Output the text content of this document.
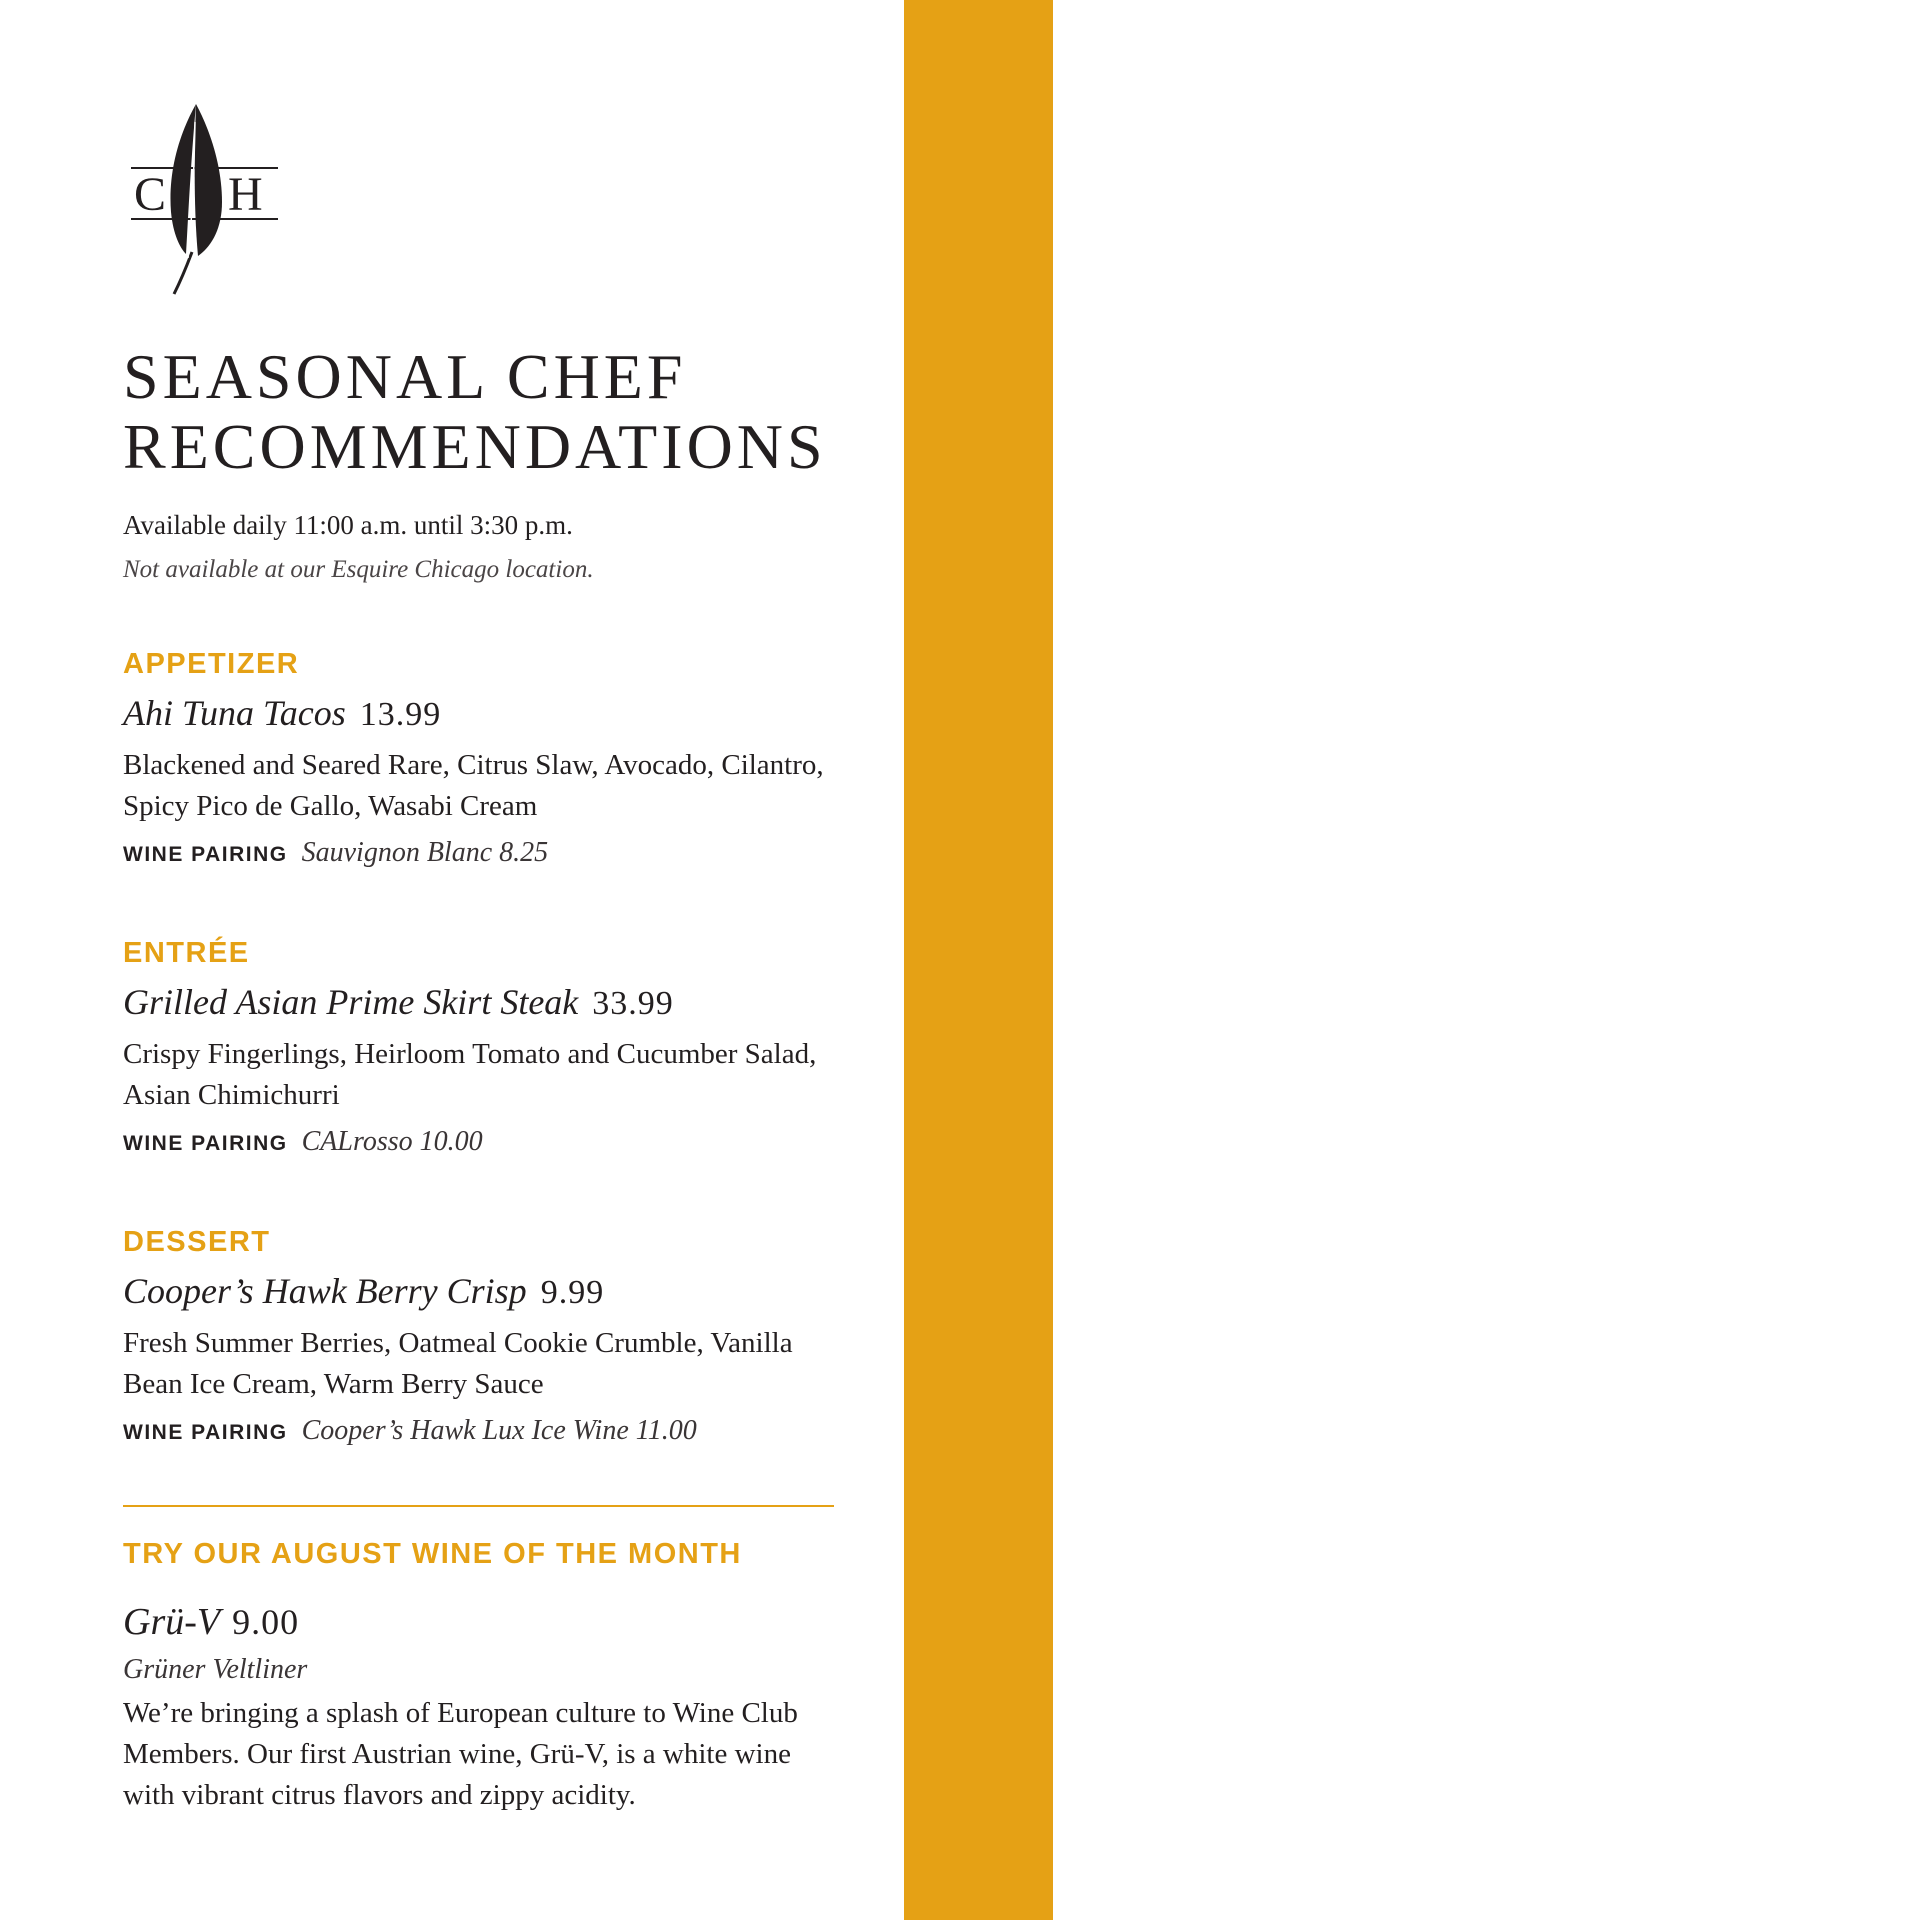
DINNER
C H
SEASONAL CHEF
RECOMMENDATIONS
Available daily 11:00 a.m. until 3:30 p.m.
Not available at our Esquire Chicago location.
APPETIZER
Ahi Tuna Tacos 13.99
Blackened and Seared Rare, Citrus Slaw, Avocado, Cilantro, Spicy Pico de Gallo, Wasabi Cream
WINE PAIRING Sauvignon Blanc 8.25
ENTRÉE
Grilled Asian Prime Skirt Steak 33.99
Crispy Fingerlings, Heirloom Tomato and Cucumber Salad, Asian Chimichurri
WINE PAIRING CALrosso 10.00
DESSERT
Cooper’s Hawk Berry Crisp 9.99
Fresh Summer Berries, Oatmeal Cookie Crumble, Vanilla Bean Ice Cream, Warm Berry Sauce
WINE PAIRING Cooper’s Hawk Lux Ice Wine 11.00
TRY OUR AUGUST WINE OF THE MONTH
Grü-V 9.00
Grüner Veltliner
We’re bringing a splash of European culture to Wine Club Members. Our first Austrian wine, Grü-V, is a white wine with vibrant citrus flavors and zippy acidity.
